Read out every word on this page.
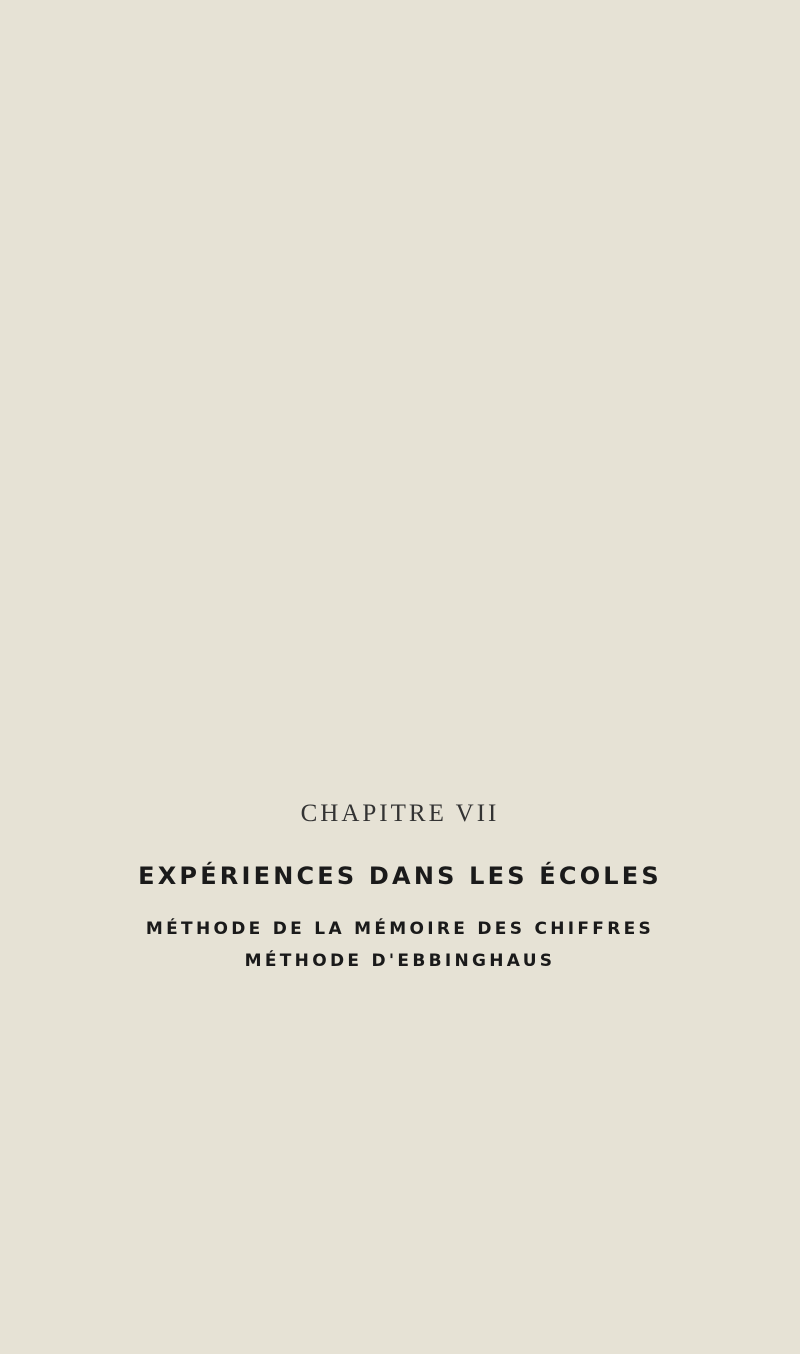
CHAPITRE VII
EXPÉRIENCES DANS LES ÉCOLES
MÉTHODE DE LA MÉMOIRE DES CHIFFRES
MÉTHODE D'EBBINGHAUS
